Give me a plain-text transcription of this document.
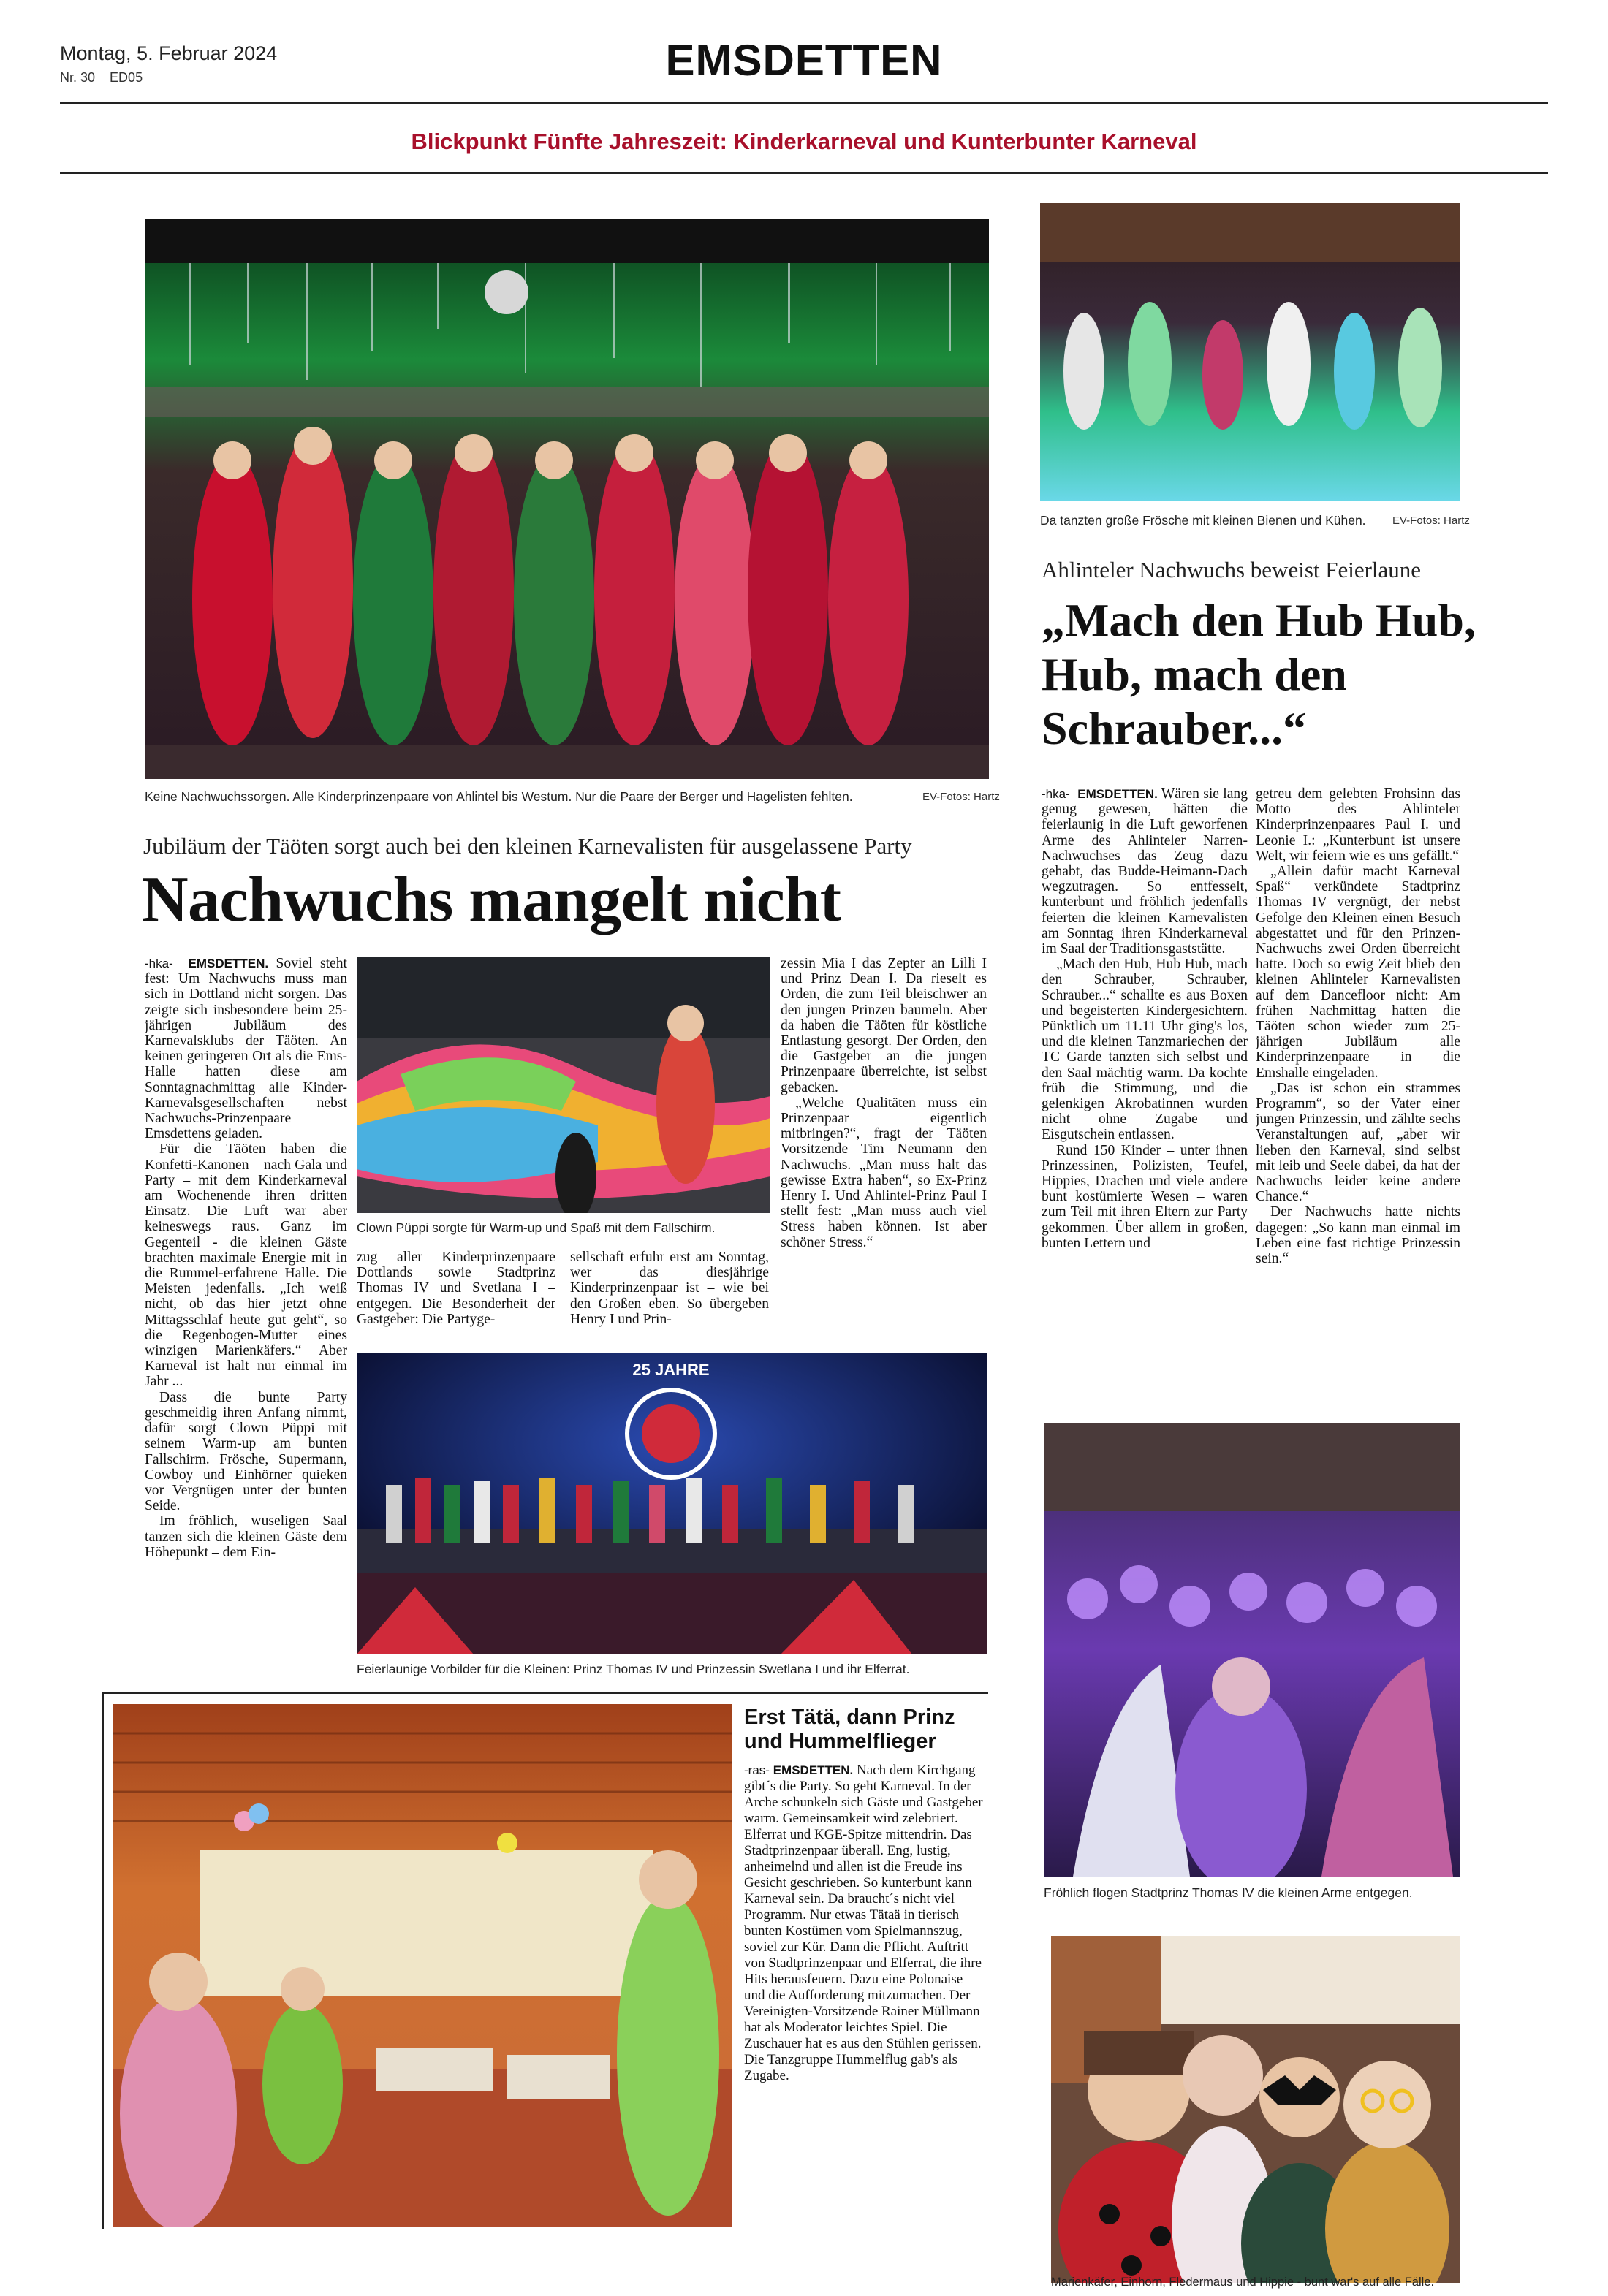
Montag, 5. Februar 2024
Nr. 30 ED05	EMSDETTEN
Blickpunkt Fünfte Jahreszeit: Kinderkarneval und Kunterbunter Karneval
Keine Nachwuchssorgen. Alle Kinderprinzenpaare von Ahlintel bis Westum. Nur die Paare der Berger und Hagelisten fehlten.	EV-Fotos: Hartz
Da tanzten große Frösche mit kleinen Bienen und Kühen. EV-Fotos: Hartz
Ahlinteler Nachwuchs beweist Feierlaune
„Mach den Hub Hub, Hub, mach den Schrauber...“
Jubiläum der Täöten sorgt auch bei den kleinen Karnevalisten für ausgelassene Party
Nachwuchs mangelt nicht

-hka- EMSDETTEN. Soviel steht fest: Um Nachwuchs muss man sich in Dottland nicht sorgen. Das zeigte sich insbesondere beim 25-jährigen Jubiläum des Karnevalsklubs der Täöten. An keinen geringeren Ort als die Ems-Halle hatten diese am Sonntagnachmittag alle Kinder-Karnevalsgesellschaften nebst Nachwuchs-Prinzenpaare Emsdettens geladen.

Für die Täöten haben die Konfetti-Kanonen – nach Gala und Party – mit dem Kinderkarneval am Wochenende ihren dritten Einsatz. Die Luft war aber keineswegs raus. Ganz im Gegenteil - die kleinen Gäste brachten maximale Energie mit in die Rummel-erfahrene Halle. Die Meisten jedenfalls. „Ich weiß nicht, ob das hier jetzt ohne Mittagsschlaf heute gut geht“, so die Regenbogen-Mutter eines winzigen Marienkäfers.“ Aber Karneval ist halt nur einmal im Jahr ...

Dass die bunte Party geschmeidig ihren Anfang nimmt, dafür sorgt Clown Püppi mit seinem Warm-up am bunten Fallschirm. Frösche, Supermann, Cowboy und Einhörner quieken vor Vergnügen unter der bunten Seide.

Im fröhlich, wuseligen Saal tanzen sich die kleinen Gäste dem Höhepunkt – dem Ein-

Clown Püppi sorgte für Warm-up und Spaß mit dem Fallschirm.

zessin Mia I das Zepter an Lilli I und Prinz Dean I. Da rieselt es Orden, die zum Teil bleischwer an den jungen Prinzen baumeln. Aber da haben die Täöten für köstliche Entlastung gesorgt. Der Orden, den die Gastgeber an die jungen Prinzenpaare überreichte, ist selbst gebacken.

„Welche Qualitäten muss ein Prinzenpaar eigentlich mitbringen?“, fragt der Täöten Vorsitzende Tim Neumann den Nachwuchs. „Man muss halt das gewisse Extra haben“, so Ex-Prinz Henry I. Und Ahlintel-Prinz Paul I stellt fest: „Man muss auch viel Stress haben können. Ist aber schöner Stress.“

zug aller Kinderprinzenpaare Dottlands sowie Stadtprinz Thomas IV und Svetlana I – entgegen. Die Besonderheit der Gastgeber: Die Partyge-

sellschaft erfuhr erst am Sonntag, wer das diesjährige Kinderprinzenpaar ist – wie bei den Großen eben. So übergeben Henry I und Prin-

25 JAHRE
Feierlaunige Vorbilder für die Kleinen: Prinz Thomas IV und Prinzessin Swetlana I und ihr Elferrat.

-hka- EMSDETTEN. Wären sie lang genug gewesen, hätten die feierlaunig in die Luft geworfenen Arme des Ahlinteler Narren-Nachwuchses das Zeug dazu gehabt, das Budde-Heimann-Dach wegzutragen. So entfesselt, kunterbunt und fröhlich jedenfalls feierten die kleinen Karnevalisten am Sonntag ihren Kinderkarneval im Saal der Traditionsgaststätte.

„Mach den Hub, Hub Hub, mach den Schrauber, Schrauber, Schrauber...“ schallte es aus Boxen und begeisterten Kindergesichtern. Pünktlich um 11.11 Uhr ging's los, und die kleinen Tanzmariechen der TC Garde tanzten sich selbst und den Saal mächtig warm. Da kochte früh die Stimmung, und die gelenkigen Akrobatinnen wurden nicht ohne Zugabe und Eisgutschein entlassen.

Rund 150 Kinder – unter ihnen Prinzessinen, Polizisten, Teufel, Hippies, Drachen und viele andere bunt kostümierte Wesen – waren zum Teil mit ihren Eltern zur Party gekommen. Über allem in großen, bunten Lettern und

getreu dem gelebten Frohsinn das Motto des Ahlinteler Kinderprinzenpaares Paul I. und Leonie I.: „Kunterbunt ist unsere Welt, wir feiern wie es uns gefällt.“

„Allein dafür macht Karneval Spaß“ verkündete Stadtprinz Thomas IV vergnügt, der nebst Gefolge den Kleinen einen Besuch abgestattet und für den Prinzen-Nachwuchs zwei Orden überreicht hatte. Doch so ewig Zeit blieb den kleinen Ahlinteler Karnevalisten auf dem Dancefloor nicht: Am frühen Nachmittag hatten die Täöten schon wieder zum 25-jährigen Jubiläum alle Kinderprinzenpaare in die Emshalle eingeladen.

„Das ist schon ein strammes Programm“, so der Vater einer jungen Prinzessin, und zählte sechs Veranstaltungen auf, „aber wir lieben den Karneval, sind selbst mit leib und Seele dabei, da hat der Nachwuchs leider keine andere Chance.“

Der Nachwuchs hatte nichts dagegen: „So kann man einmal im Leben eine fast richtige Prinzessin sein.“

Fröhlich flogen Stadtprinz Thomas IV die kleinen Arme entgegen.
Marienkäfer, Einhorn, Fledermaus und Hippie - bunt war's auf alle Fälle.
Erst Tätä, dann Prinz und Hummelflieger
-ras- EMSDETTEN. Nach dem Kirchgang gibt´s die Party. So geht Karneval. In der Arche schunkeln sich Gäste und Gastgeber warm. Gemeinsamkeit wird zelebriert. Elferrat und KGE-Spitze mittendrin. Das Stadtprinzenpaar überall. Eng, lustig, anheimelnd und allen ist die Freude ins Gesicht geschrieben. So kunterbunt kann Karneval sein. Da braucht´s nicht viel Programm. Nur etwas Tätaä in tierisch bunten Kostümen vom Spielmannszug, soviel zur Kür. Dann die Pflicht. Auftritt von Stadtprinzenpaar und Elferrat, die ihre Hits herausfeuern. Dazu eine Polonaise und die Aufforderung mitzumachen. Der Vereinigten-Vorsitzende Rainer Müllmann hat als Moderator leichtes Spiel. Die Zuschauer hat es aus den Stühlen gerissen. Die Tanzgruppe Hummelflug gab's als Zugabe.
